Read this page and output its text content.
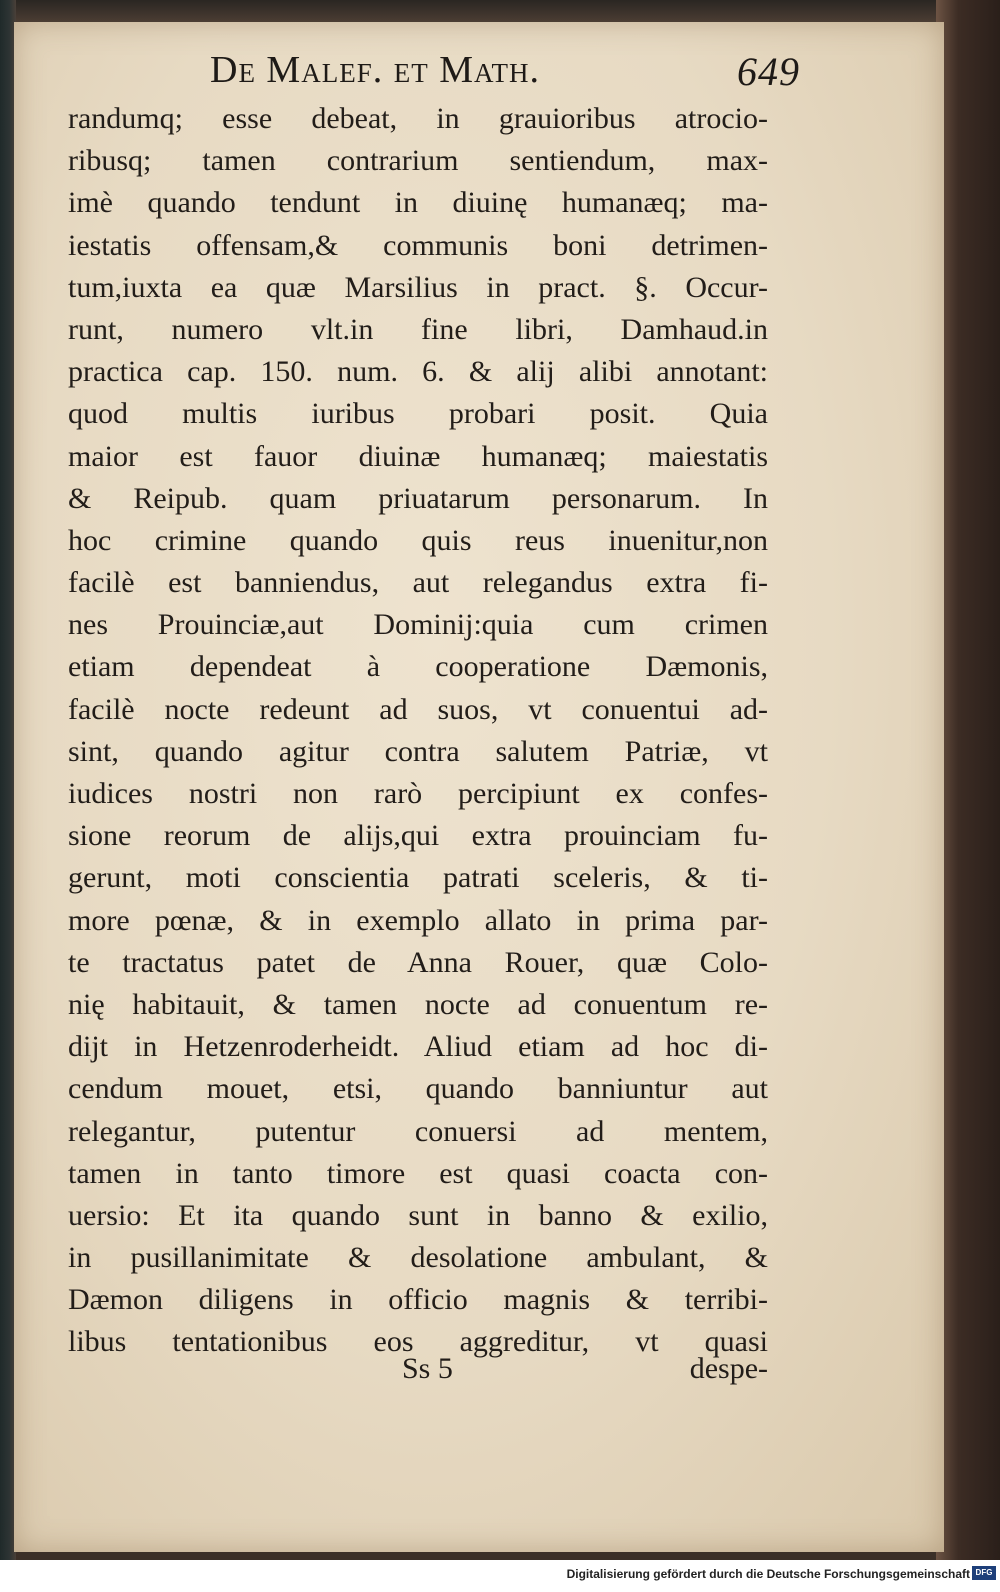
De Malef. et Math.	649
randumq; esse debeat, in grauioribus atrocio-
ribusq; tamen contrarium sentiendum, max-
imè quando tendunt in diuinę humanæq; ma-
iestatis offensam,& communis boni detrimen-
tum,iuxta ea quæ Marsilius in pract. §. Occur-
runt, numero vlt.in fine libri, Damhaud.in
practica cap. 150. num. 6. & alij alibi annotant:
quod multis iuribus probari posit. Quia
maior est fauor diuinæ humanæq; maiestatis
& Reipub. quam priuatarum personarum. In
hoc crimine quando quis reus inuenitur,non
facilè est banniendus, aut relegandus extra fi-
nes Prouinciæ,aut Dominij:quia cum crimen
etiam dependeat à cooperatione Dæmonis,
facilè nocte redeunt ad suos, vt conuentui ad-
sint, quando agitur contra salutem Patriæ, vt
iudices nostri non rarò percipiunt ex confes-
sione reorum de alijs,qui extra prouinciam fu-
gerunt, moti conscientia patrati sceleris, & ti-
more pœnæ, & in exemplo allato in prima par-
te tractatus patet de Anna Rouer, quæ Colo-
nię habitauit, & tamen nocte ad conuentum re-
dijt in Hetzenroderheidt. Aliud etiam ad hoc di-
cendum mouet, etsi, quando banniuntur aut
relegantur, putentur conuersi ad mentem,
tamen in tanto timore est quasi coacta con-
uersio: Et ita quando sunt in banno & exilio,
in pusillanimitate & desolatione ambulant, &
Dæmon diligens in officio magnis & terribi-
libus tentationibus eos aggreditur, vt quasi
Ss 5	despe-
Digitalisierung gefördert durch die Deutsche Forschungsgemeinschaft DFG
